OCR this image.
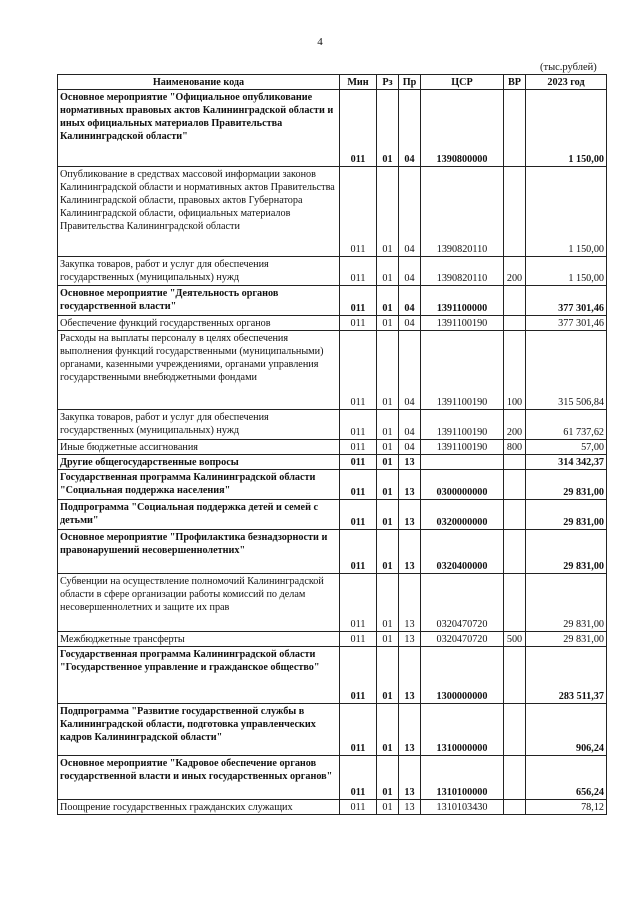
4
(тыс.рублей)
Наименование кода	Мин	Рз	Пр	ЦСР	ВР	2023 год
Основное мероприятие "Официальное опубликование нормативных правовых актов Калининградской области и иных официальных материалов Правительства Калининградской области"	011	01	04	1390800000		1 150,00
Опубликование в средствах массовой информации законов Калининградской области и нормативных актов Правительства Калининградской области, правовых актов Губернатора Калининградской области, официальных материалов Правительства Калининградской области	011	01	04	1390820110		1 150,00
Закупка товаров, работ и услуг для обеспечения государственных (муниципальных) нужд	011	01	04	1390820110	200	1 150,00
Основное мероприятие "Деятельность органов государственной власти"	011	01	04	1391100000		377 301,46
Обеспечение функций государственных органов	011	01	04	1391100190		377 301,46
Расходы на выплаты персоналу в целях обеспечения выполнения функций государственными (муниципальными) органами, казенными учреждениями, органами управления государственными внебюджетными фондами	011	01	04	1391100190	100	315 506,84
Закупка товаров, работ и услуг для обеспечения государственных (муниципальных) нужд	011	01	04	1391100190	200	61 737,62
Иные бюджетные ассигнования	011	01	04	1391100190	800	57,00
Другие общегосударственные вопросы	011	01	13			314 342,37
Государственная программа Калининградской области "Социальная поддержка населения"	011	01	13	0300000000		29 831,00
Подпрограмма "Социальная поддержка детей и семей с детьми"	011	01	13	0320000000		29 831,00
Основное мероприятие "Профилактика безнадзорности и правонарушений несовершеннолетних"	011	01	13	0320400000		29 831,00
Субвенции на осуществление полномочий Калининградской области в сфере организации работы комиссий по делам несовершеннолетних и защите их прав	011	01	13	0320470720		29 831,00
Межбюджетные трансферты	011	01	13	0320470720	500	29 831,00
Государственная программа Калининградской области "Государственное управление и гражданское общество"	011	01	13	1300000000		283 511,37
Подпрограмма "Развитие государственной службы в Калининградской области, подготовка управленческих кадров Калининградской области"	011	01	13	1310000000		906,24
Основное мероприятие "Кадровое обеспечение органов государственной власти и иных государственных органов"	011	01	13	1310100000		656,24
Поощрение государственных гражданских служащих	011	01	13	1310103430		78,12
